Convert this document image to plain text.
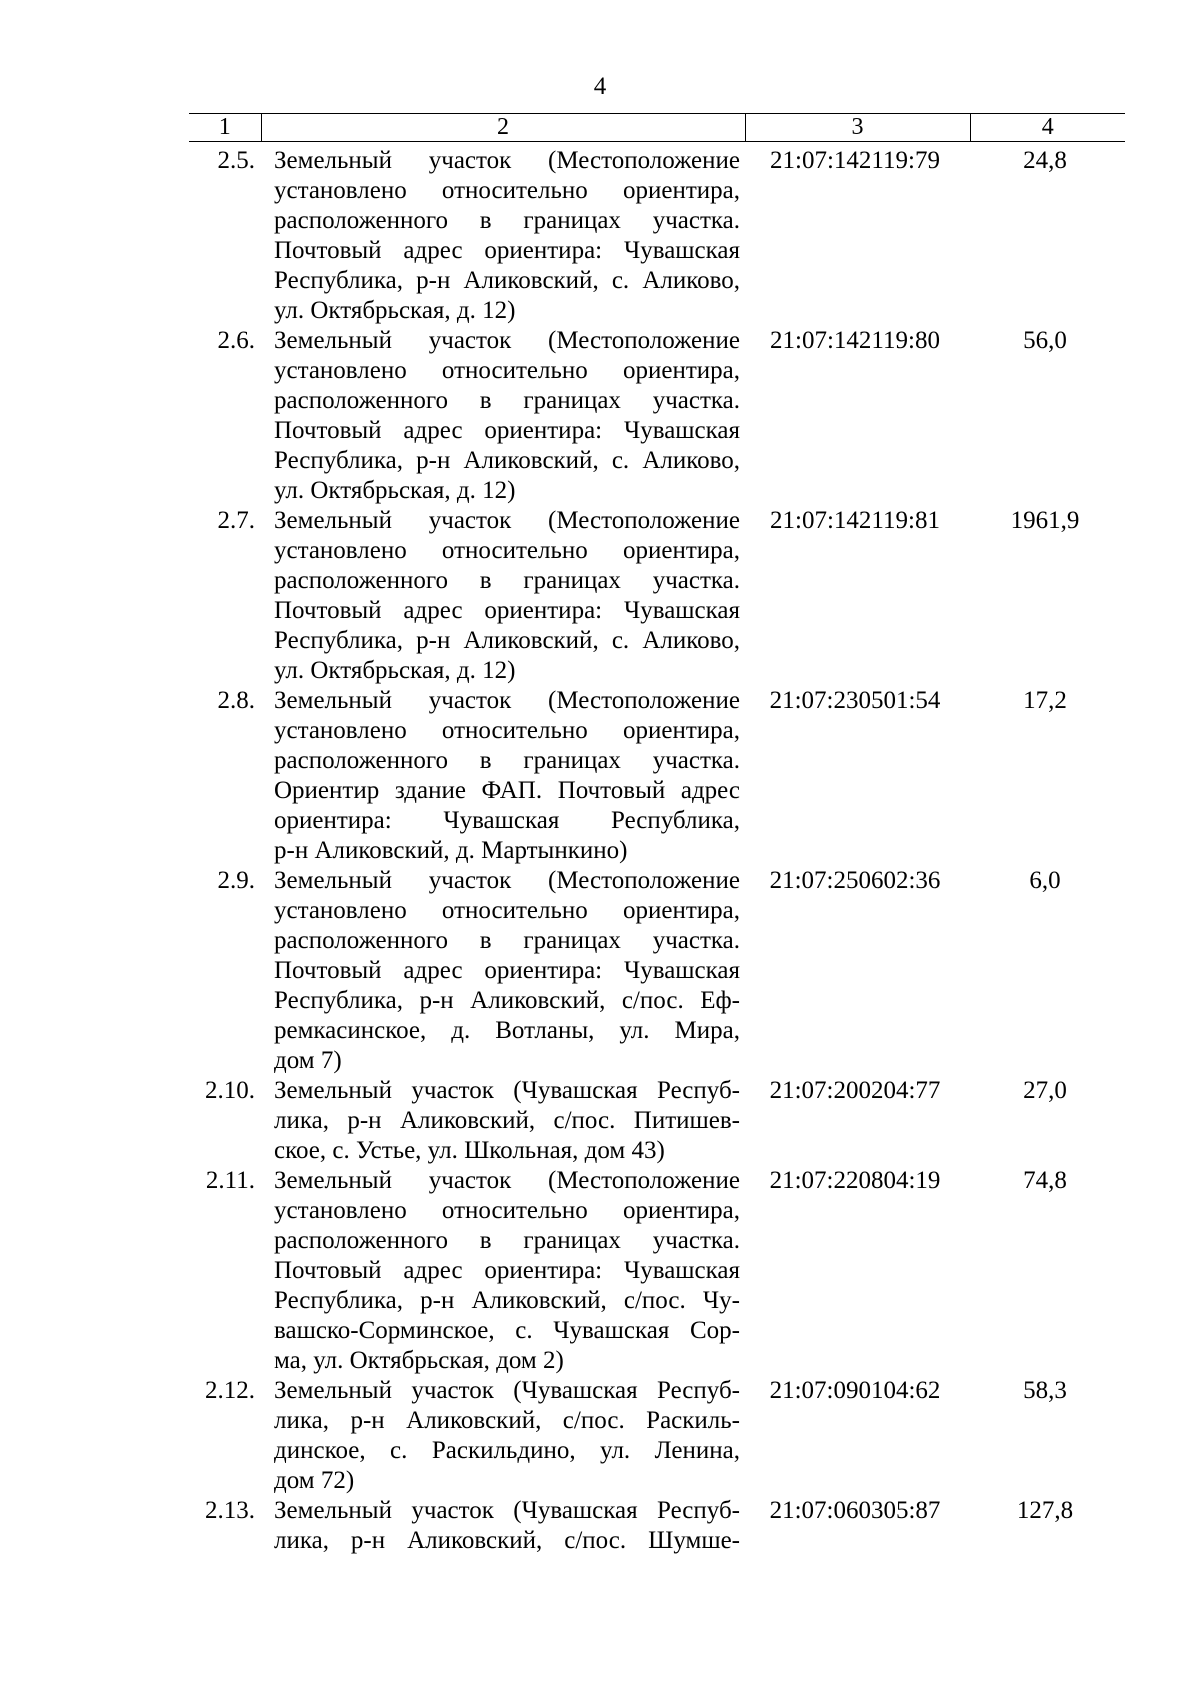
4
1	2	3	4
2.5. Земельный участок (Местоположение
установлено относительно ориентира,
расположенного в границах участка.
Почтовый адрес ориентира: Чувашская
Республика, р-н Аликовский, с. Аликово,
ул. Октябрьская, д. 12)
21:07:142119:79	24,8
2.6. Земельный участок (Местоположение
установлено относительно ориентира,
расположенного в границах участка.
Почтовый адрес ориентира: Чувашская
Республика, р-н Аликовский, с. Аликово,
ул. Октябрьская, д. 12)
21:07:142119:80	56,0
2.7. Земельный участок (Местоположение
установлено относительно ориентира,
расположенного в границах участка.
Почтовый адрес ориентира: Чувашская
Республика, р-н Аликовский, с. Аликово,
ул. Октябрьская, д. 12)
21:07:142119:81	1961,9
2.8. Земельный участок (Местоположение
установлено относительно ориентира,
расположенного в границах участка.
Ориентир здание ФАП. Почтовый адрес
ориентира: Чувашская Республика,
р-н Аликовский, д. Мартынкино)
21:07:230501:54	17,2
2.9. Земельный участок (Местоположение
установлено относительно ориентира,
расположенного в границах участка.
Почтовый адрес ориентира: Чувашская
Республика, р-н Аликовский, с/пос. Еф-
ремкасинское, д. Вотланы, ул. Мира,
дом 7)
21:07:250602:36	6,0
2.10. Земельный участок (Чувашская Респуб-
лика, р-н Аликовский, с/пос. Питишев-
ское, с. Устье, ул. Школьная, дом 43)
21:07:200204:77	27,0
2.11. Земельный участок (Местоположение
установлено относительно ориентира,
расположенного в границах участка.
Почтовый адрес ориентира: Чувашская
Республика, р-н Аликовский, с/пос. Чу-
вашско-Сорминское, с. Чувашская Сор-
ма, ул. Октябрьская, дом 2)
21:07:220804:19	74,8
2.12. Земельный участок (Чувашская Респуб-
лика, р-н Аликовский, с/пос. Раскиль-
динское, с. Раскильдино, ул. Ленина,
дом 72)
21:07:090104:62	58,3
2.13. Земельный участок (Чувашская Респуб-
лика, р-н Аликовский, с/пос. Шумше-
21:07:060305:87	127,8
